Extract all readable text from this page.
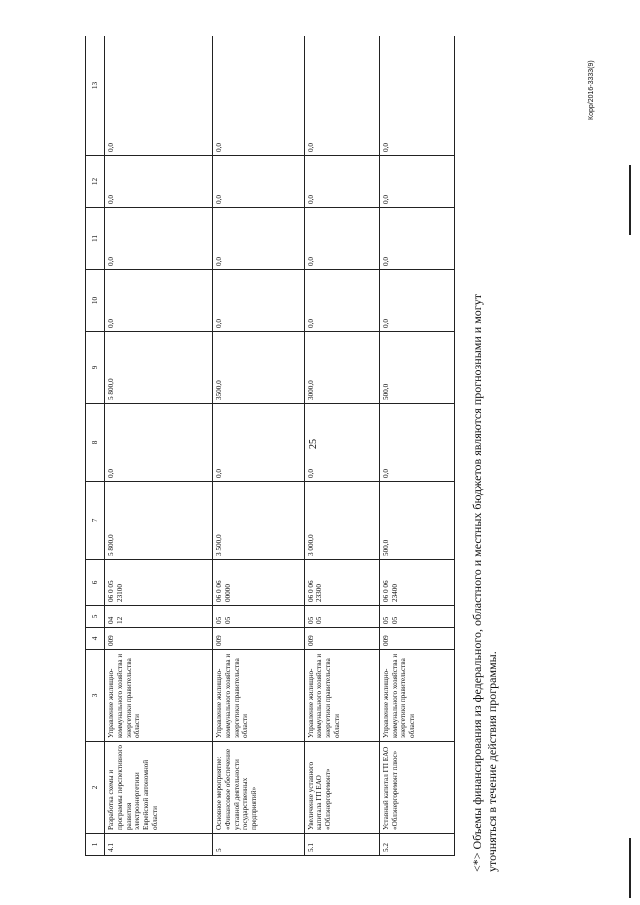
25
1	2	3	4	5	6	7	8	9	10	11	12	13
4.1	Разработка схемы и программы перспективного развития электроэнергетики Еврейской автономной области	Управление жилищно-коммунального хозяйства и энергетики правительства области	009	04 12	06 0 05 23100	5 800,0	0,0	5 800,0	0,0	0,0	0,0	0,0
5	Основное мероприятие: «Финансовое обеспечение уставной деятельности государственных предприятий»	Управление жилищно-коммунального хозяйства и энергетики правительства области	009	05 05	06 0 06 00000	3 500,0	0,0	3500,0	0,0	0,0	0,0	0,0
5.1	Увеличение уставного капитала ГП ЕАО «Облэнергоремонт»	Управление жилищно-коммунального хозяйства и энергетики правительства области	009	05 05	06 0 06 23300	3 000,0	0,0	3000,0	0,0	0,0	0,0	0,0
5.2	Уставный капитал ГП ЕАО «Облэнергоремонт плюс»	Управление жилищно-коммунального хозяйства и энергетики правительства области	009	05 05	06 0 06 23400	500,0	0,0	500,0	0,0	0,0	0,0	0,0
<*> Объемы финансирования из федерального, областного и местных бюджетов являются прогнозными и могут уточняться в течение действия программы.
Корр/2016-3333(9)
